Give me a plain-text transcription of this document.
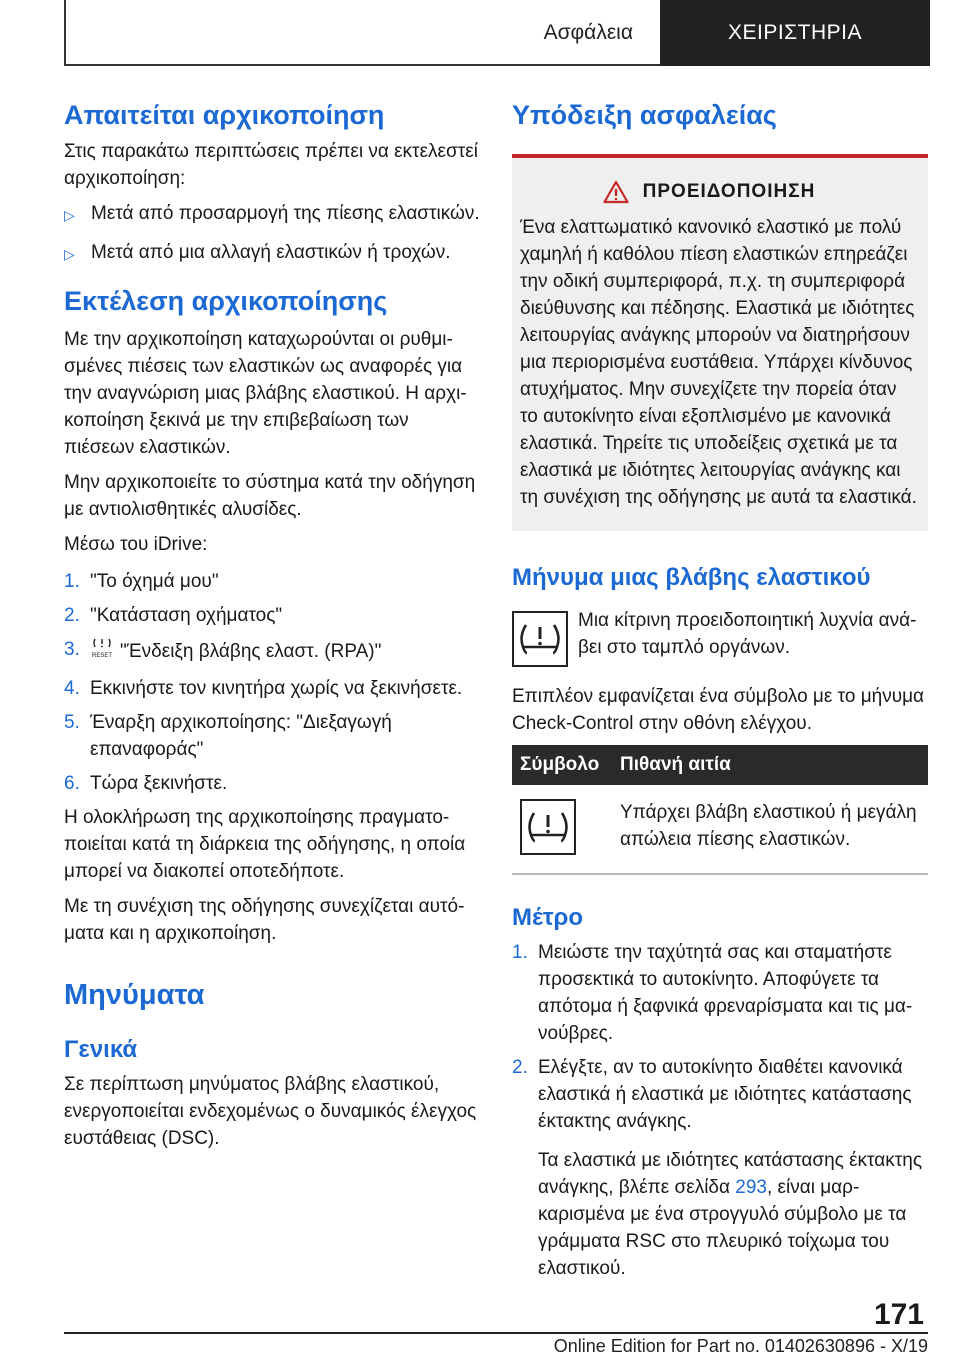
Ασφάλεια	ΧΕΙΡΙΣΤΗΡΙΑ
Απαιτείται αρχικοποίηση

Στις παρακάτω περιπτώσεις πρέπει να εκτελεστεί αρχικοποίηση:

▷ Μετά από προσαρμογή της πίεσης ελαστικών.
▷ Μετά από μια αλλαγή ελαστικών ή τροχών.
Εκτέλεση αρχικοποίησης

Με την αρχικοποίηση καταχωρούνται οι ρυθμισμένες πιέσεις των ελαστικών ως αναφορές για την αναγνώριση μιας βλάβης ελαστικού. Η αρχικοποίηση ξεκινά με την επιβεβαίωση των πιέσεων ελαστικών.

Μην αρχικοποιείτε το σύστημα κατά την οδήγηση με αντιολισθητικές αλυσίδες.

Μέσω του iDrive:

1. "Το όχημά μου"
2. "Κατάσταση οχήματος"
3.	RESET "Ένδειξη βλάβης ελαστ. (RPA)"
4. Εκκινήστε τον κινητήρα χωρίς να ξεκινήσετε.
5. Έναρξη αρχικοποίησης: "Διεξαγωγή επαναφοράς"
6. Τώρα ξεκινήστε.

Η ολοκλήρωση της αρχικοποίησης πραγματοποιείται κατά τη διάρκεια της οδήγησης, η οποία μπορεί να διακοπεί οποτεδήποτε.

Με τη συνέχιση της οδήγησης συνεχίζεται αυτόματα και η αρχικοποίηση.

Μηνύματα
Γενικά

Σε περίπτωση μηνύματος βλάβης ελαστικού, ενεργοποιείται ενδεχομένως ο δυναμικός έλεγχος ευστάθειας (DSC).

Υπόδειξη ασφαλείας
ΠΡΟΕΙΔΟΠΟΙΗΣΗ

Ένα ελαττωματικό κανονικό ελαστικό με πολύ χαμηλή ή καθόλου πίεση ελαστικών επηρεάζει την οδική συμπεριφορά, π.χ. τη συμπεριφορά διεύθυνσης και πέδησης. Ελαστικά με ιδιότητες λειτουργίας ανάγκης μπορούν να διατηρήσουν μια περιορισμένα ευστάθεια. Υπάρχει κίνδυνος ατυχήματος. Μην συνεχίζετε την πορεία όταν το αυτοκίνητο είναι εξοπλισμένο με κανονικά ελαστικά. Τηρείτε τις υποδείξεις σχετικά με τα ελαστικά με ιδιότητες λειτουργίας ανάγκης και τη συνέχιση της οδήγησης με αυτά τα ελαστικά.

Μήνυμα μιας βλάβης ελαστικού

Μια κίτρινη προειδοποιητική λυχνία ανάβει στο ταμπλό οργάνων.

Επιπλέον εμφανίζεται ένα σύμβολο με το μήνυμα Check-Control στην οθόνη ελέγχου.

Σύμβολο	Πιθανή αιτία
Υπάρχει βλάβη ελαστικού ή μεγάλη απώλεια πίεσης ελαστικών.
Μέτρο
1. Μειώστε την ταχύτητά σας και σταματήστε προσεκτικά το αυτοκίνητο. Αποφύγετε τα απότομα ή ξαφνικά φρεναρίσματα και τις μανούβρες.
2. Ελέγξτε, αν το αυτοκίνητο διαθέτει κανονικά ελαστικά ή ελαστικά με ιδιότητες κατάστασης έκτακτης ανάγκης.

Τα ελαστικά με ιδιότητες κατάστασης έκτακτης ανάγκης, βλέπε σελίδα 293, είναι μαρκαρισμένα με ένα στρογγυλό σύμβολο με τα γράμματα RSC στο πλευρικό τοίχωμα του ελαστικού.

171
Online Edition for Part no. 01402630896 - X/19
